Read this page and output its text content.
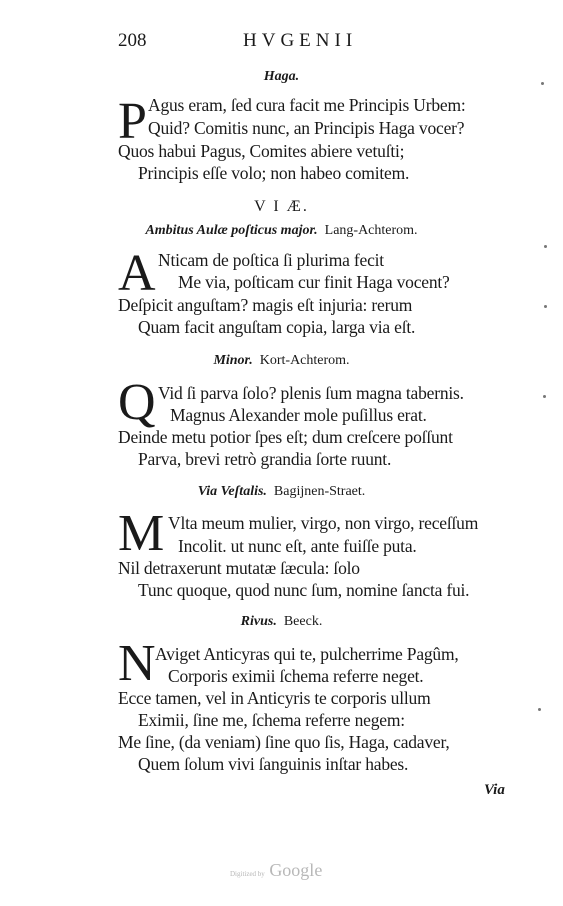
208	HVGENII
Haga.
P Agus eram, ſed cura facit me Principis Urbem:
Quid? Comitis nunc, an Principis Haga vocer?
Quos habui Pagus, Comites abiere vetuſti;
Principis eſſe volo; non habeo comitem.
V I Æ.
Ambitus Aulæ poſticus major. Lang-Achterom.
A Nticam de poſtica ſi plurima fecit
Me via, poſticam cur finit Haga vocent?
Deſpicit anguſtam? magis eſt injuria: rerum
Quam facit anguſtam copia, larga via eſt.
Minor. Kort-Achterom.
Q Vid ſi parva ſolo? plenis ſum magna tabernis.
Magnus Alexander mole puſillus erat.
Deinde metu potior ſpes eſt; dum creſcere poſſunt
Parva, brevi retrò grandia ſorte ruunt.
Via Veſtalis. Bagijnen-Straet.
M Vlta meum mulier, virgo, non virgo, receſſum
Incolit. ut nunc eſt, ante fuiſſe puta.
Nil detraxerunt mutatæ ſæcula: ſolo
Tunc quoque, quod nunc ſum, nomine ſancta fui.
Rivus. Beeck.
N Aviget Anticyras qui te, pulcherrime Pagûm,
Corporis eximii ſchema referre neget.
Ecce tamen, vel in Anticyris te corporis ullum
Eximii, ſine me, ſchema referre negem:
Me ſine, (da veniam) ſine quo ſis, Haga, cadaver,
Quem ſolum vivi ſanguinis inſtar habes.
Via
Digitized by Google
